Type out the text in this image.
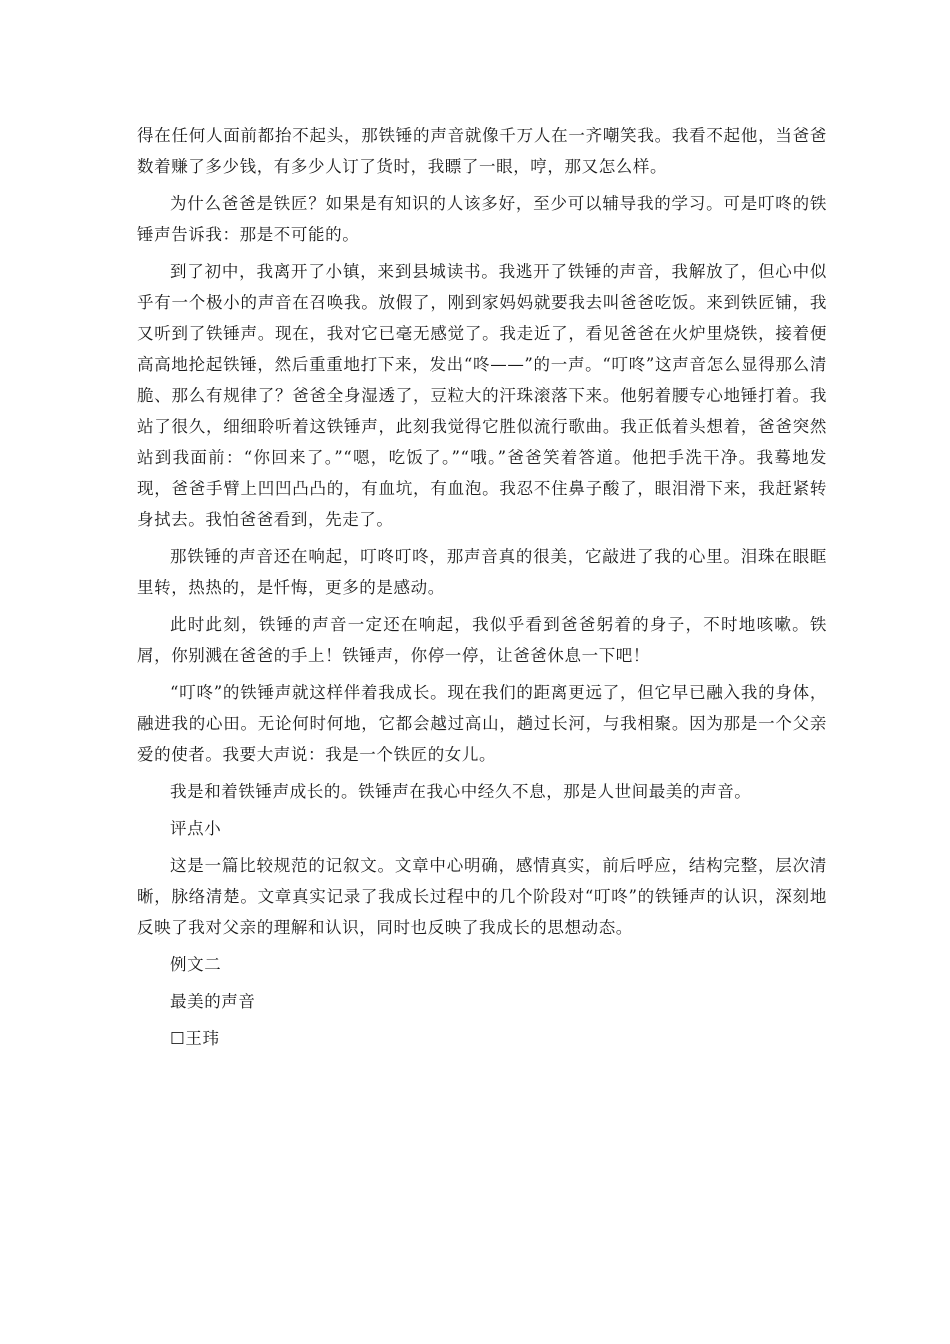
得在任何人面前都抬不起头，那铁锤的声音就像千万人在一齐嘲笑我。我看不起他，当爸爸数着赚了多少钱，有多少人订了货时，我瞟了一眼，哼，那又怎么样。

为什么爸爸是铁匠？如果是有知识的人该多好，至少可以辅导我的学习。可是叮咚的铁锤声告诉我：那是不可能的。

到了初中，我离开了小镇，来到县城读书。我逃开了铁锤的声音，我解放了，但心中似乎有一个极小的声音在召唤我。放假了，刚到家妈妈就要我去叫爸爸吃饭。来到铁匠铺，我又听到了铁锤声。现在，我对它已毫无感觉了。我走近了，看见爸爸在火炉里烧铁，接着便高高地抡起铁锤，然后重重地打下来，发出“咚——”的一声。“叮咚”这声音怎么显得那么清脆、那么有规律了？爸爸全身湿透了，豆粒大的汗珠滚落下来。他躬着腰专心地锤打着。我站了很久，细细聆听着这铁锤声，此刻我觉得它胜似流行歌曲。我正低着头想着，爸爸突然站到我面前：“你回来了。”“嗯，吃饭了。”“哦。”爸爸笑着答道。他把手洗干净。我蓦地发现，爸爸手臂上凹凹凸凸的，有血坑，有血泡。我忍不住鼻子酸了，眼泪滑下来，我赶紧转身拭去。我怕爸爸看到，先走了。

那铁锤的声音还在响起，叮咚叮咚，那声音真的很美，它敲进了我的心里。泪珠在眼眶里转，热热的，是忏悔，更多的是感动。

此时此刻，铁锤的声音一定还在响起，我似乎看到爸爸躬着的身子，不时地咳嗽。铁屑，你别溅在爸爸的手上！铁锤声，你停一停，让爸爸休息一下吧！

“叮咚”的铁锤声就这样伴着我成长。现在我们的距离更远了，但它早已融入我的身体，融进我的心田。无论何时何地，它都会越过高山，趟过长河，与我相聚。因为那是一个父亲爱的使者。我要大声说：我是一个铁匠的女儿。

我是和着铁锤声成长的。铁锤声在我心中经久不息，那是人世间最美的声音。

评点小

这是一篇比较规范的记叙文。文章中心明确，感情真实，前后呼应，结构完整，层次清晰，脉络清楚。文章真实记录了我成长过程中的几个阶段对“叮咚”的铁锤声的认识，深刻地反映了我对父亲的理解和认识，同时也反映了我成长的思想动态。

例文二

最美的声音

☐王玮
